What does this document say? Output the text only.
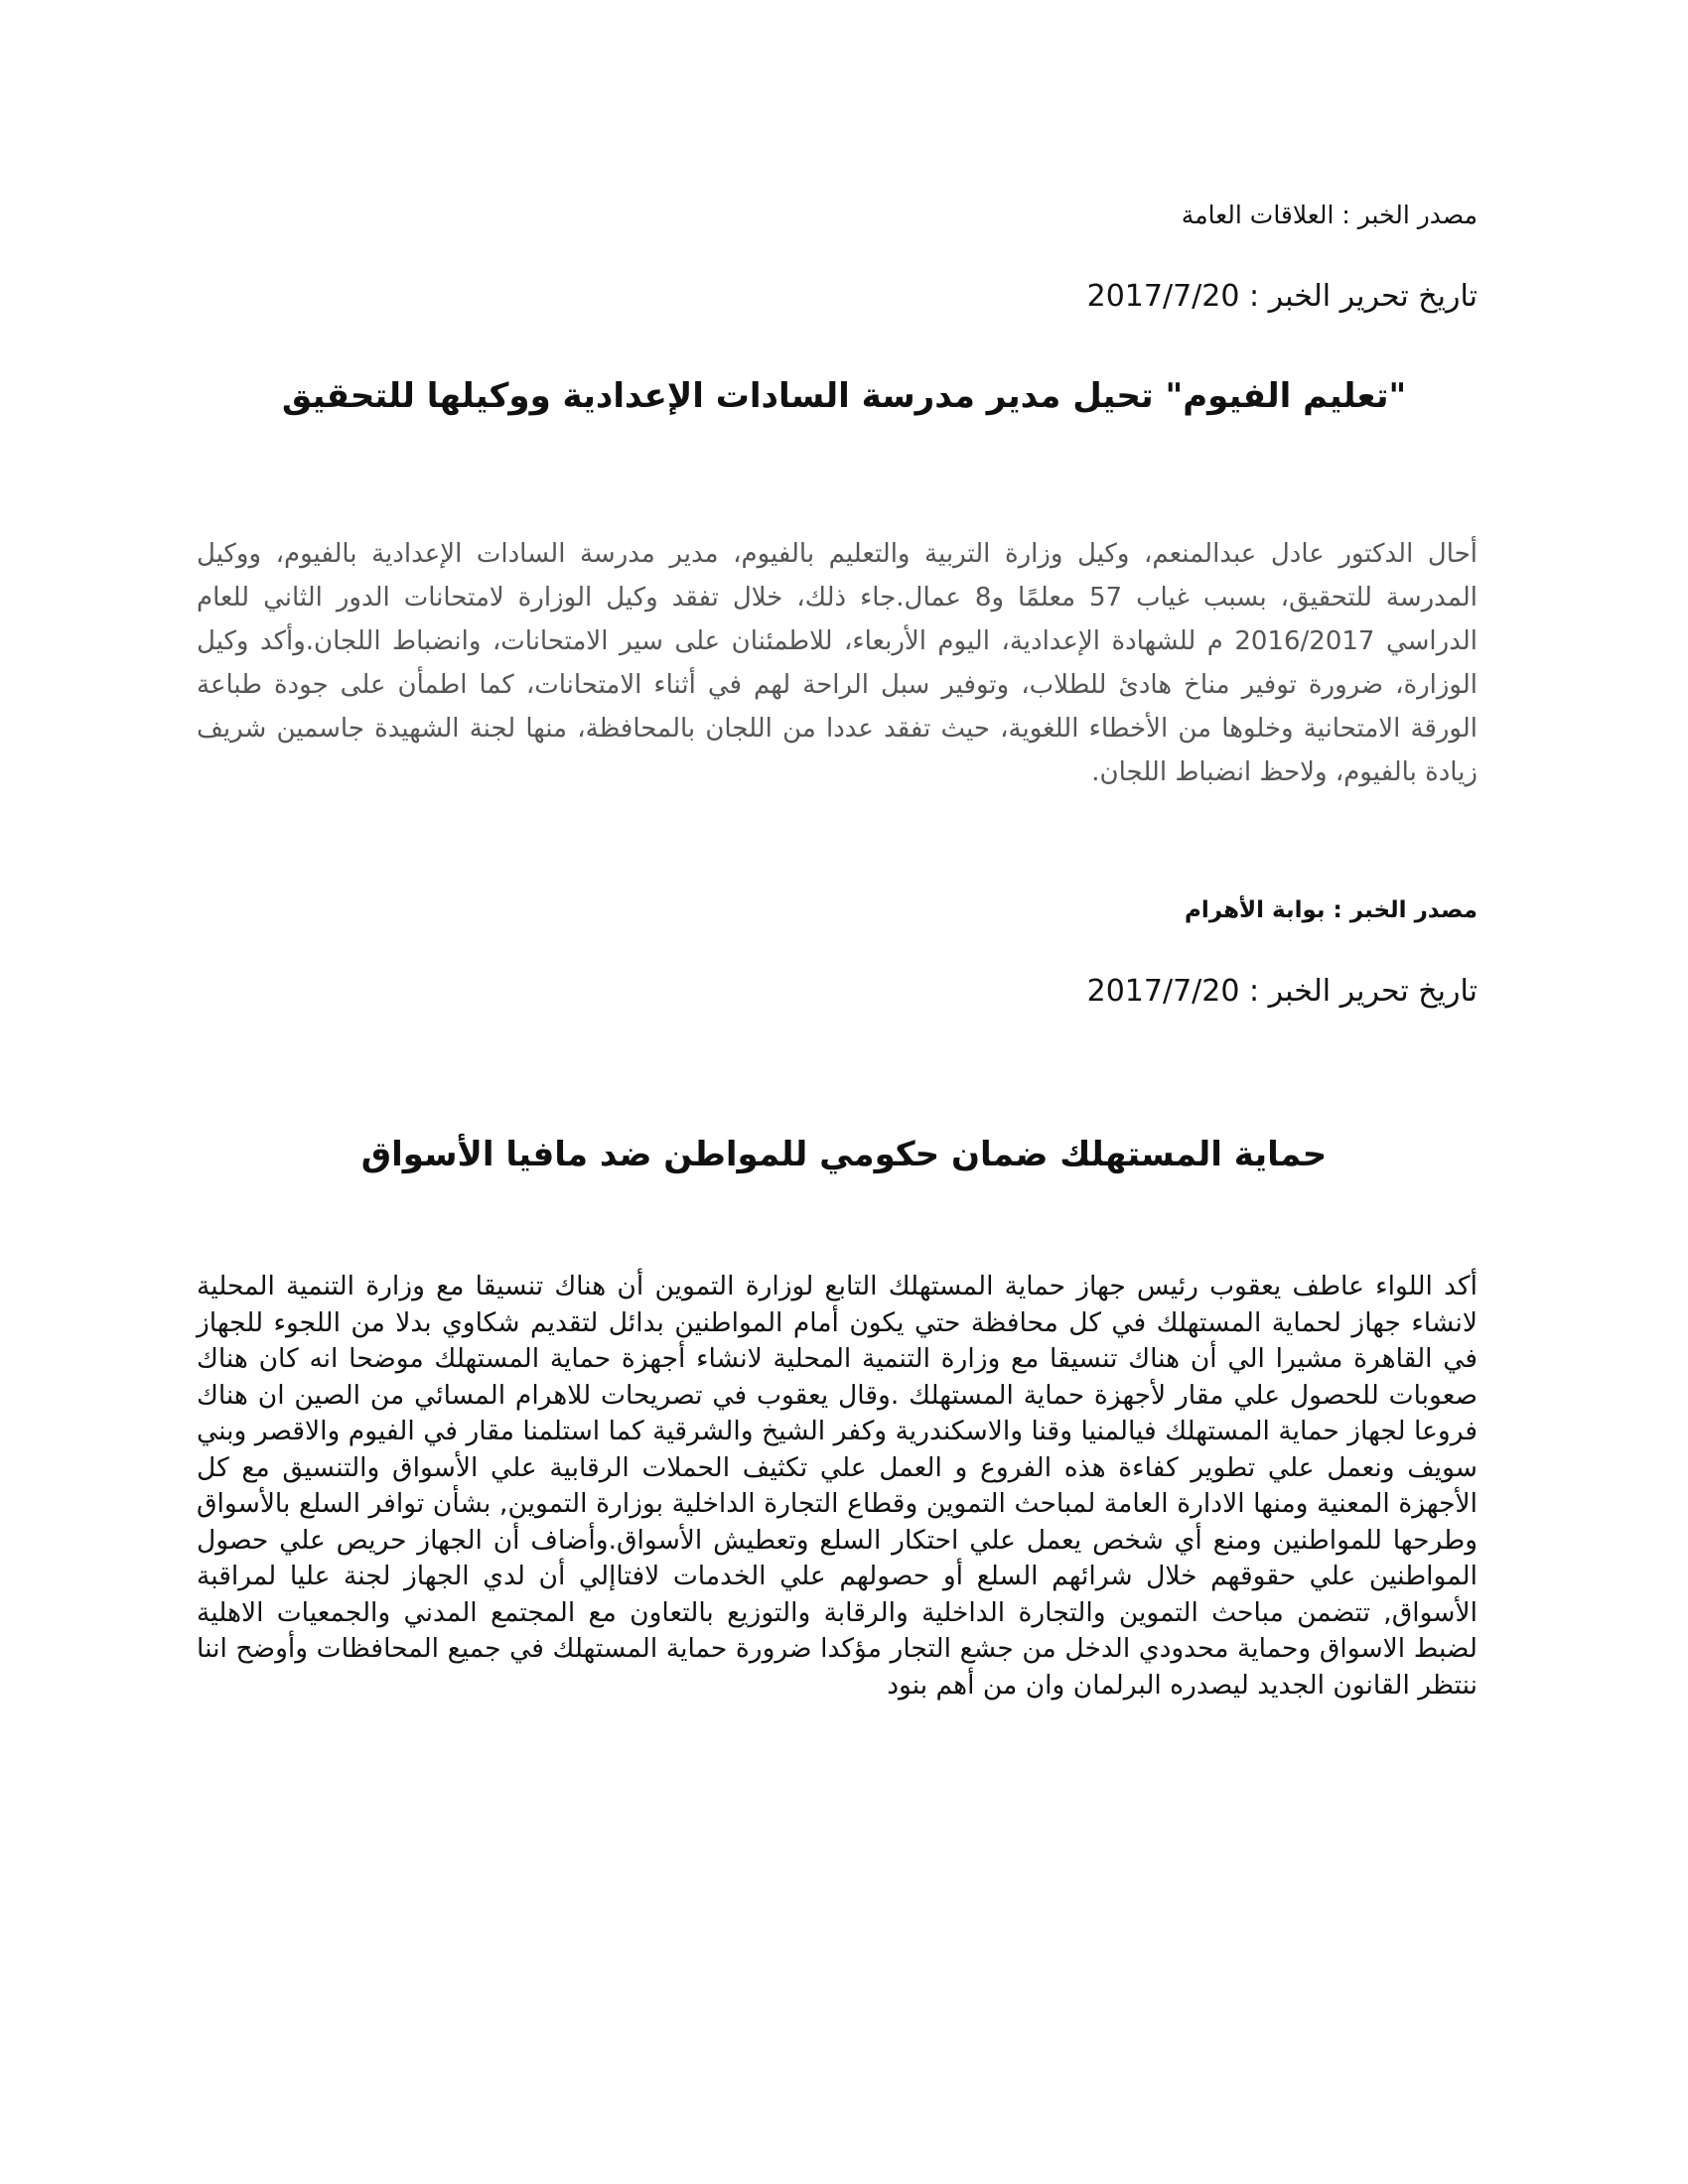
مصدر الخبر : العلاقات العامة
تاريخ تحرير الخبر : 2017/7/20
"تعليم الفيوم" تحيل مدير مدرسة السادات الإعدادية ووكيلها للتحقيق

أحال الدكتور عادل عبدالمنعم، وكيل وزارة التربية والتعليم بالفيوم، مدير مدرسة السادات الإعدادية بالفيوم، ووكيل المدرسة للتحقيق، بسبب غياب 57 معلمًا و8 عمال.جاء ذلك، خلال تفقد وكيل الوزارة لامتحانات الدور الثاني للعام الدراسي 2016/2017 م للشهادة الإعدادية، اليوم الأربعاء، للاطمئنان على سير الامتحانات، وانضباط اللجان.وأكد وكيل الوزارة، ضرورة توفير مناخ هادئ للطلاب، وتوفير سبل الراحة لهم في أثناء الامتحانات، كما اطمأن على جودة طباعة الورقة الامتحانية وخلوها من الأخطاء اللغوية، حيث تفقد عددا من اللجان بالمحافظة، منها لجنة الشهيدة جاسمين شريف زيادة بالفيوم، ولاحظ انضباط اللجان.

مصدر الخبر : بوابة الأهرام
تاريخ تحرير الخبر : 2017/7/20
حماية المستهلك ضمان حكومي للمواطن ضد مافيا الأسواق

أكد اللواء عاطف يعقوب رئيس جهاز حماية المستهلك التابع لوزارة التموين أن هناك تنسيقا مع وزارة التنمية المحلية لانشاء جهاز لحماية المستهلك في كل محافظة حتي يكون أمام المواطنين بدائل لتقديم شكاوي بدلا من اللجوء للجهاز في القاهرة مشيرا الي أن هناك تنسيقا مع وزارة التنمية المحلية لانشاء أجهزة حماية المستهلك موضحا انه كان هناك صعوبات للحصول علي مقار لأجهزة حماية المستهلك .وقال يعقوب في تصريحات للاهرام المسائي من الصين ان هناك فروعا لجهاز حماية المستهلك فيالمنيا وقنا والاسكندرية وكفر الشيخ والشرقية كما استلمنا مقار في الفيوم والاقصر وبني سويف ونعمل علي تطوير كفاءة هذه الفروع و العمل علي تكثيف الحملات الرقابية علي الأسواق والتنسيق مع كل الأجهزة المعنية ومنها الادارة العامة لمباحث التموين وقطاع التجارة الداخلية بوزارة التموين, بشأن توافر السلع بالأسواق وطرحها للمواطنين ومنع أي شخص يعمل علي احتكار السلع وتعطيش الأسواق.وأضاف أن الجهاز حريص علي حصول المواطنين علي حقوقهم خلال شرائهم السلع أو حصولهم علي الخدمات لافتاإلي أن لدي الجهاز لجنة عليا لمراقبة الأسواق, تتضمن مباحث التموين والتجارة الداخلية والرقابة والتوزيع بالتعاون مع المجتمع المدني والجمعيات الاهلية لضبط الاسواق وحماية محدودي الدخل من جشع التجار مؤكدا ضرورة حماية المستهلك في جميع المحافظات وأوضح اننا ننتظر القانون الجديد ليصدره البرلمان وان من أهم بنود
